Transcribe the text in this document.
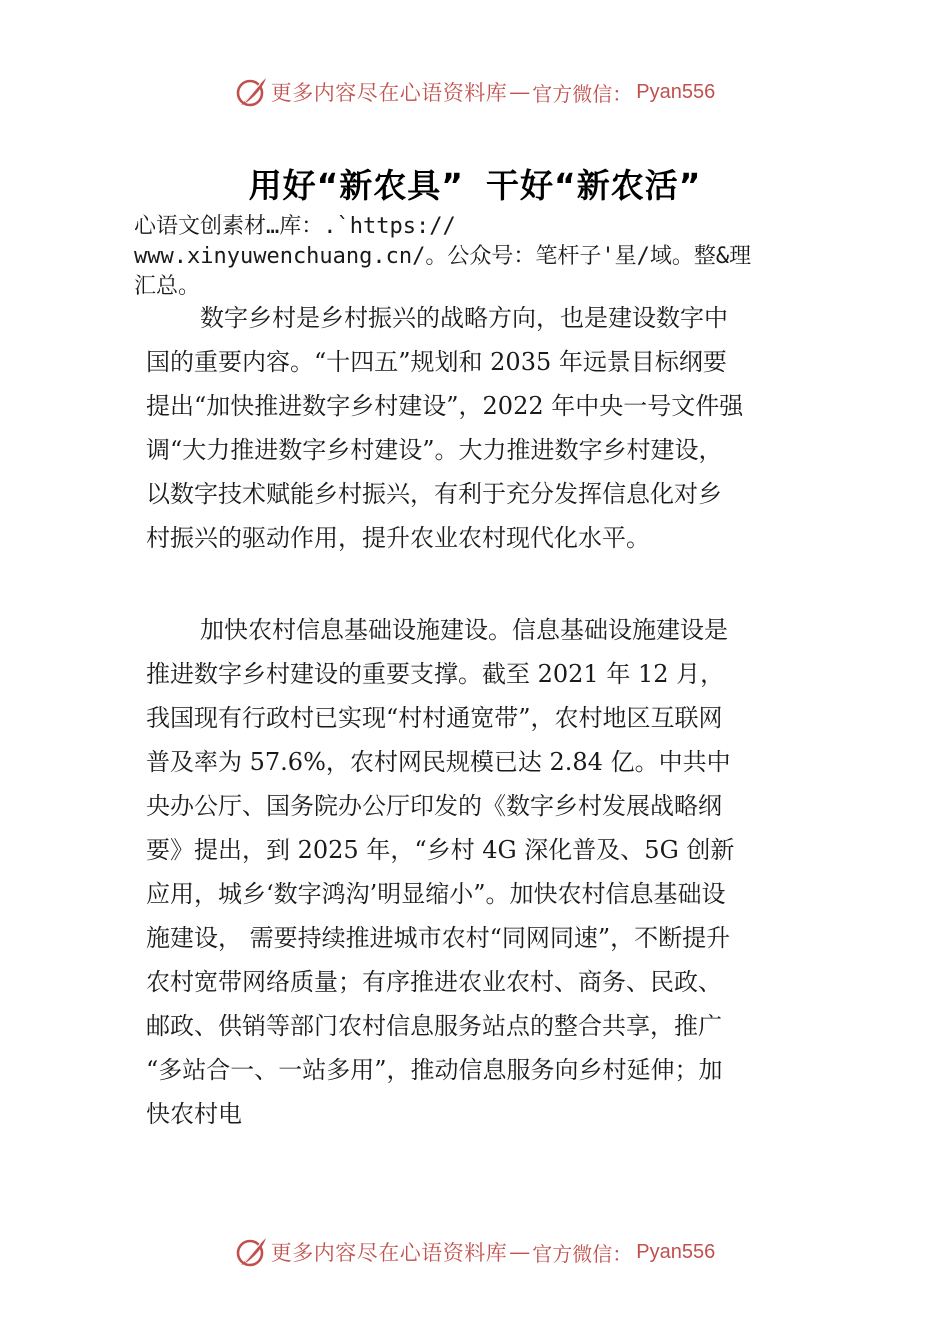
更多内容尽在心语资料库 — 官方微信： Pyan556
用好“新农具” 干好“新农活”
心语文创素材…库：.`https://
www.xinyuwenchuang.cn/。公众号：笔杆子'星/域。整&理
汇总。
数字乡村是乡村振兴的战略方向，也是建设数字中
国的重要内容。“十四五”规划和 2035 年远景目标纲要
提出“加快推进数字乡村建设”，2022 年中央一号文件强
调“大力推进数字乡村建设”。大力推进数字乡村建设，
以数字技术赋能乡村振兴，有利于充分发挥信息化对乡
村振兴的驱动作用，提升农业农村现代化水平。
加快农村信息基础设施建设。信息基础设施建设是
推进数字乡村建设的重要支撑。截至 2021 年 12 月，
我国现有行政村已实现“村村通宽带”，农村地区互联网
普及率为 57.6%，农村网民规模已达 2.84 亿。中共中
央办公厅、国务院办公厅印发的《数字乡村发展战略纲
要》提出，到 2025 年，“乡村 4G 深化普及、5G 创新
应用，城乡‘数字鸿沟’明显缩小”。加快农村信息基础设
施建设， 需要持续推进城市农村“同网同速”，不断提升
农村宽带网络质量；有序推进农业农村、商务、民政、
邮政、供销等部门农村信息服务站点的整合共享，推广
“多站合一、一站多用”，推动信息服务向乡村延伸；加
快农村电
更多内容尽在心语资料库 — 官方微信： Pyan556
